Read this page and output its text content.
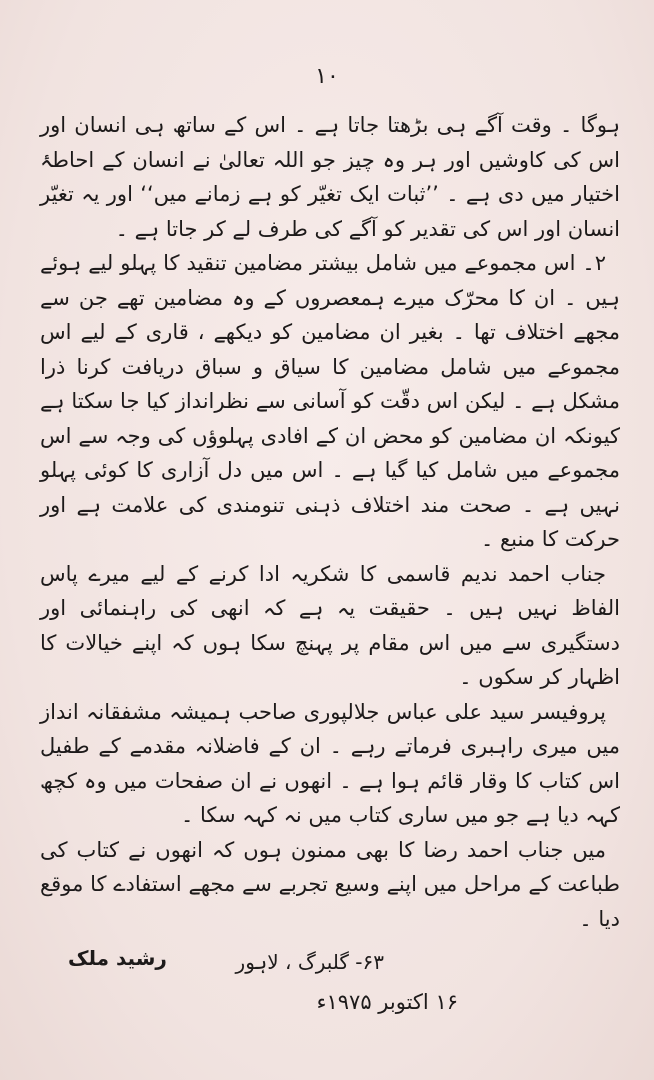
۱۰

ہوگا ۔ وقت آگے ہی بڑھتا جاتا ہے ۔ اس کے ساتھ ہی انسان اور اس کی کاوشیں اور ہر وہ چیز جو اللہ تعالیٰ نے انسان کے احاطۂ اختیار میں دی ہے ۔ ’’ثبات ایک تغیّر کو ہے زمانے میں‘‘ اور یہ تغیّر انسان اور اس کی تقدیر کو آگے کی طرف لے کر جاتا ہے ۔

۲۔ اس مجموعے میں شامل بیشتر مضامین تنقید کا پہلو لیے ہوئے ہیں ۔ ان کا محرّک میرے ہمعصروں کے وہ مضامین تھے جن سے مجھے اختلاف تھا ۔ بغیر ان مضامین کو دیکھے ، قاری کے لیے اس مجموعے میں شامل مضامین کا سیاق و سباق دریافت کرنا ذرا مشکل ہے ۔ لیکن اس دقّت کو آسانی سے نظرانداز کیا جا سکتا ہے کیونکہ ان مضامین کو محض ان کے افادی پہلوؤں کی وجہ سے اس مجموعے میں شامل کیا گیا ہے ۔ اس میں دل آزاری کا کوئی پہلو نہیں ہے ۔ صحت مند اختلاف ذہنی تنومندی کی علامت ہے اور حرکت کا منبع ۔

جناب احمد ندیم قاسمی کا شکریہ ادا کرنے کے لیے میرے پاس الفاظ نہیں ہیں ۔ حقیقت یہ ہے کہ انھی کی راہنمائی اور دستگیری سے میں اس مقام پر پہنچ سکا ہوں کہ اپنے خیالات کا اظہار کر سکوں ۔

پروفیسر سید علی عباس جلالپوری صاحب ہمیشہ مشفقانہ انداز میں میری راہبری فرماتے رہے ۔ ان کے فاضلانہ مقدمے کے طفیل اس کتاب کا وقار قائم ہوا ہے ۔ انھوں نے ان صفحات میں وہ کچھ کہہ دیا ہے جو میں ساری کتاب میں نہ کہہ سکا ۔

میں جناب احمد رضا کا بھی ممنون ہوں کہ انھوں نے کتاب کی طباعت کے مراحل میں اپنے وسیع تجربے سے مجھے استفادے کا موقع دیا ۔

۶۳- گلبرگ ، لاہور
۱۶ اکتوبر ۱۹۷۵ء
رشید ملک
